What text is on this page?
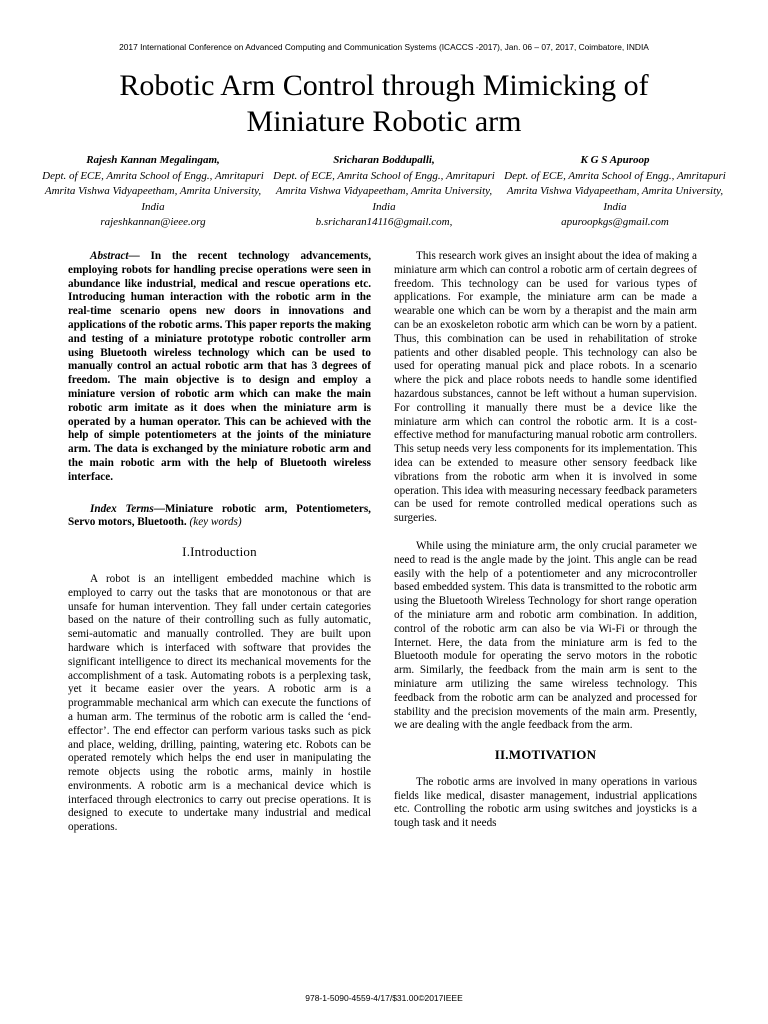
2017 International Conference on Advanced Computing and Communication Systems (ICACCS -2017), Jan. 06 – 07, 2017, Coimbatore, INDIA
Robotic Arm Control through Mimicking of Miniature Robotic arm
Rajesh Kannan Megalingam,
Dept. of ECE, Amrita School of Engg., Amritapuri
Amrita Vishwa Vidyapeetham, Amrita University, India
rajeshkannan@ieee.org
Sricharan Boddupalli,
Dept. of ECE, Amrita School of Engg., Amritapuri
Amrita Vishwa Vidyapeetham, Amrita University, India
b.sricharan14116@gmail.com,
K G S Apuroop
Dept. of ECE, Amrita School of Engg., Amritapuri
Amrita Vishwa Vidyapeetham, Amrita University, India
apuroopkgs@gmail.com

Abstract— In the recent technology advancements, employing robots for handling precise operations were seen in abundance like industrial, medical and rescue operations etc. Introducing human interaction with the robotic arm in the real-time scenario opens new doors in innovations and applications of the robotic arms. This paper reports the making and testing of a miniature prototype robotic controller arm using Bluetooth wireless technology which can be used to manually control an actual robotic arm that has 3 degrees of freedom. The main objective is to design and employ a miniature version of robotic arm which can make the main robotic arm imitate as it does when the miniature arm is operated by a human operator. This can be achieved with the help of simple potentiometers at the joints of the miniature arm. The data is exchanged by the miniature robotic arm and the main robotic arm with the help of Bluetooth wireless interface.

Index Terms—Miniature robotic arm, Potentiometers, Servo motors, Bluetooth. (key words)

I.Introduction

A robot is an intelligent embedded machine which is employed to carry out the tasks that are monotonous or that are unsafe for human intervention. They fall under certain categories based on the nature of their controlling such as fully automatic, semi-automatic and manually controlled. They are built upon hardware which is interfaced with software that provides the significant intelligence to direct its mechanical movements for the accomplishment of a task. Automating robots is a perplexing task, yet it became easier over the years. A robotic arm is a programmable mechanical arm which can execute the functions of a human arm. The terminus of the robotic arm is called the ‘end-effector’. The end effector can perform various tasks such as pick and place, welding, drilling, painting, watering etc. Robots can be operated remotely which helps the end user in manipulating the remote objects using the robotic arms, mainly in hostile environments. A robotic arm is a mechanical device which is interfaced through electronics to carry out precise operations. It is designed to execute to undertake many industrial and medical operations.

This research work gives an insight about the idea of making a miniature arm which can control a robotic arm of certain degrees of freedom. This technology can be used for various types of applications. For example, the miniature arm can be made a wearable one which can be worn by a therapist and the main arm can be an exoskeleton robotic arm which can be worn by a patient. Thus, this combination can be used in rehabilitation of stroke patients and other disabled people. This technology can also be used for operating manual pick and place robots. In a scenario where the pick and place robots needs to handle some identified hazardous substances, cannot be left without a human supervision. For controlling it manually there must be a device like the miniature arm which can control the robotic arm. It is a cost-effective method for manufacturing manual robotic arm controllers. This setup needs very less components for its implementation. This idea can be extended to measure other sensory feedback like vibrations from the robotic arm when it is involved in some operation. This idea with measuring necessary feedback parameters can be used for remote controlled medical operations such as surgeries.

While using the miniature arm, the only crucial parameter we need to read is the angle made by the joint. This angle can be read easily with the help of a potentiometer and any microcontroller based embedded system. This data is transmitted to the robotic arm using the Bluetooth Wireless Technology for short range operation of the miniature arm and robotic arm combination. In addition, control of the robotic arm can also be via Wi-Fi or through the Internet. Here, the data from the miniature arm is fed to the Bluetooth module for operating the servo motors in the robotic arm. Similarly, the feedback from the main arm is sent to the miniature arm utilizing the same wireless technology. This feedback from the robotic arm can be analyzed and processed for stability and the precision movements of the main arm. Presently, we are dealing with the angle feedback from the arm.

II.MOTIVATION

The robotic arms are involved in many operations in various fields like medical, disaster management, industrial applications etc. Controlling the robotic arm using switches and joysticks is a tough task and it needs

978-1-5090-4559-4/17/$31.00©2017IEEE
